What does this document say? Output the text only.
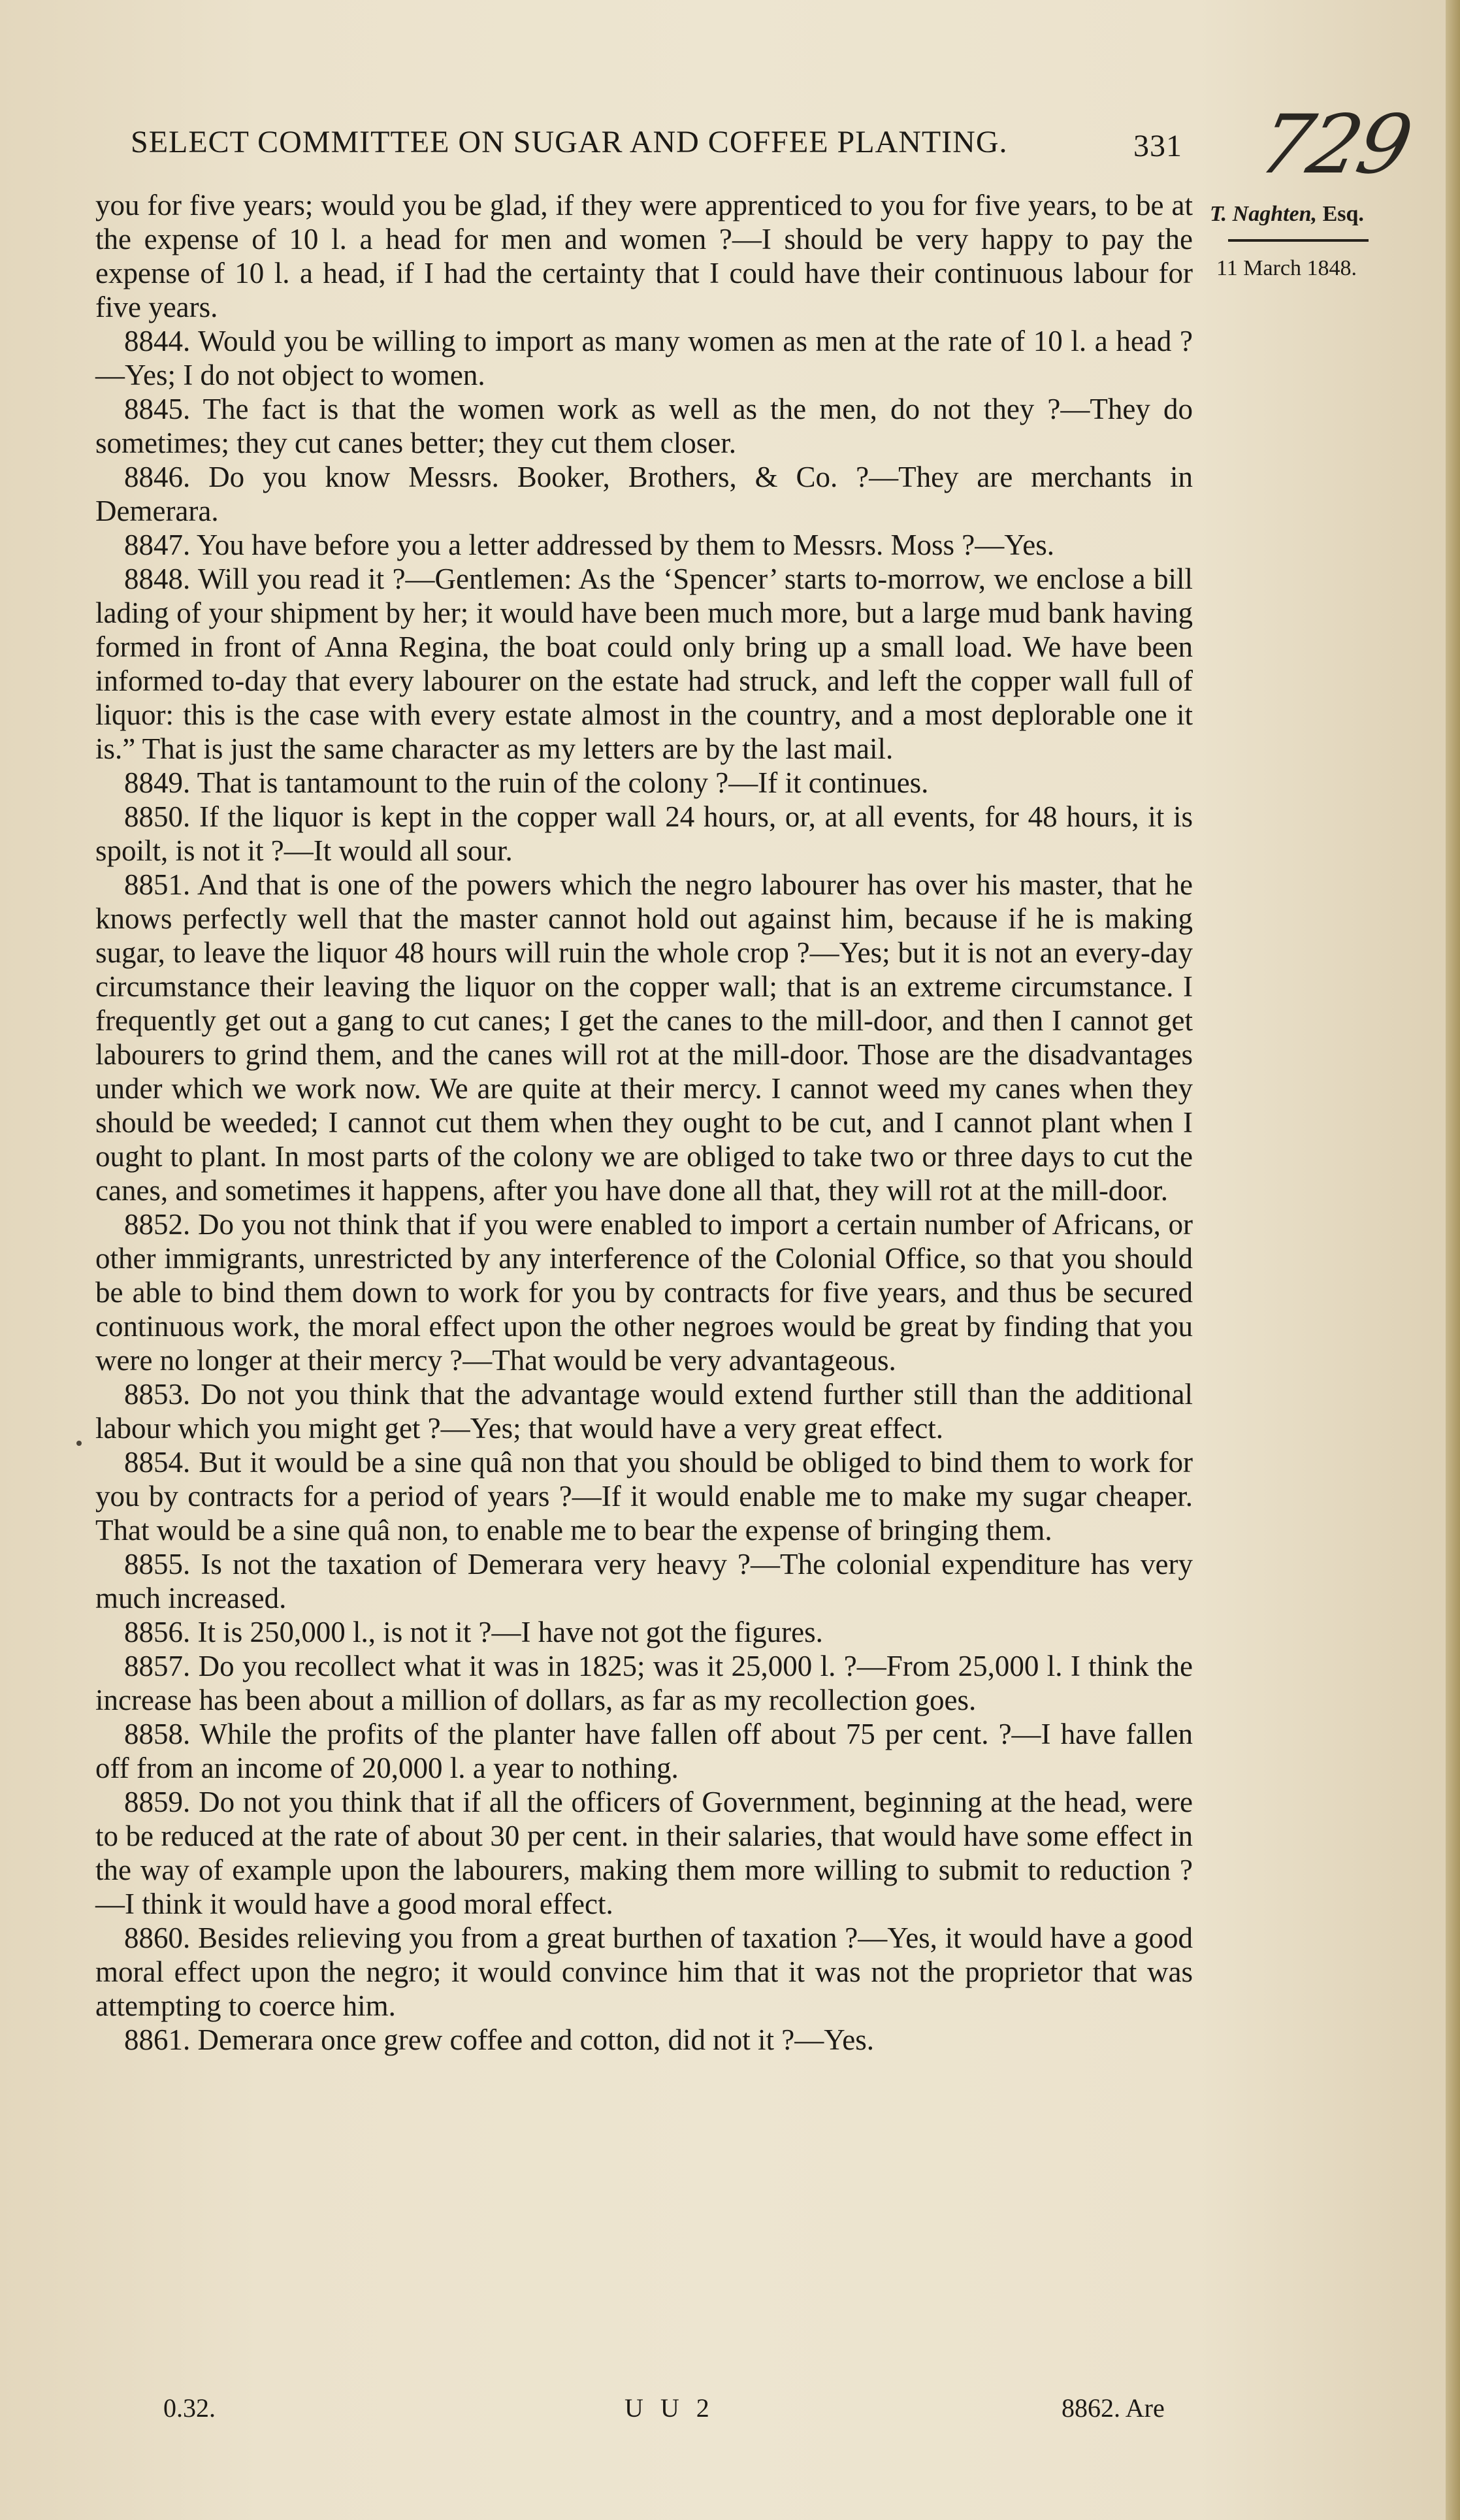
SELECT COMMITTEE ON SUGAR AND COFFEE PLANTING.	331 729
T. Naghten, Esq.
11 March 1848.

you for five years; would you be glad, if they were apprenticed to you for five years, to be at the expense of 10 l. a head for men and women ?—I should be very happy to pay the expense of 10 l. a head, if I had the certainty that I could have their continuous labour for five years.

8844. Would you be willing to import as many women as men at the rate of 10 l. a head ?—Yes; I do not object to women.

8845. The fact is that the women work as well as the men, do not they ?—They do sometimes; they cut canes better; they cut them closer.

8846. Do you know Messrs. Booker, Brothers, & Co. ?—They are merchants in Demerara.

8847. You have before you a letter addressed by them to Messrs. Moss ?—Yes.

8848. Will you read it ?—Gentlemen: As the ‘Spencer’ starts to-morrow, we enclose a bill lading of your shipment by her; it would have been much more, but a large mud bank having formed in front of Anna Regina, the boat could only bring up a small load. We have been informed to-day that every labourer on the estate had struck, and left the copper wall full of liquor: this is the case with every estate almost in the country, and a most deplorable one it is.” That is just the same character as my letters are by the last mail.

8849. That is tantamount to the ruin of the colony ?—If it continues.

8850. If the liquor is kept in the copper wall 24 hours, or, at all events, for 48 hours, it is spoilt, is not it ?—It would all sour.

8851. And that is one of the powers which the negro labourer has over his master, that he knows perfectly well that the master cannot hold out against him, because if he is making sugar, to leave the liquor 48 hours will ruin the whole crop ?—Yes; but it is not an every-day circumstance their leaving the liquor on the copper wall; that is an extreme circumstance. I frequently get out a gang to cut canes; I get the canes to the mill-door, and then I cannot get labourers to grind them, and the canes will rot at the mill-door. Those are the disadvantages under which we work now. We are quite at their mercy. I cannot weed my canes when they should be weeded; I cannot cut them when they ought to be cut, and I cannot plant when I ought to plant. In most parts of the colony we are obliged to take two or three days to cut the canes, and sometimes it happens, after you have done all that, they will rot at the mill-door.

8852. Do you not think that if you were enabled to import a certain number of Africans, or other immigrants, unrestricted by any interference of the Colonial Office, so that you should be able to bind them down to work for you by contracts for five years, and thus be secured continuous work, the moral effect upon the other negroes would be great by finding that you were no longer at their mercy ?—That would be very advantageous.

8853. Do not you think that the advantage would extend further still than the additional labour which you might get ?—Yes; that would have a very great effect.

8854. But it would be a sine quâ non that you should be obliged to bind them to work for you by contracts for a period of years ?—If it would enable me to make my sugar cheaper. That would be a sine quâ non, to enable me to bear the expense of bringing them.

8855. Is not the taxation of Demerara very heavy ?—The colonial expenditure has very much increased.

8856. It is 250,000 l., is not it ?—I have not got the figures.

8857. Do you recollect what it was in 1825; was it 25,000 l. ?—From 25,000 l. I think the increase has been about a million of dollars, as far as my recollection goes.

8858. While the profits of the planter have fallen off about 75 per cent. ?—I have fallen off from an income of 20,000 l. a year to nothing.

8859. Do not you think that if all the officers of Government, beginning at the head, were to be reduced at the rate of about 30 per cent. in their salaries, that would have some effect in the way of example upon the labourers, making them more willing to submit to reduction ?—I think it would have a good moral effect.

8860. Besides relieving you from a great burthen of taxation ?—Yes, it would have a good moral effect upon the negro; it would convince him that it was not the proprietor that was attempting to coerce him.

8861. Demerara once grew coffee and cotton, did not it ?—Yes.

0.32.	U U 2	8862. Are
